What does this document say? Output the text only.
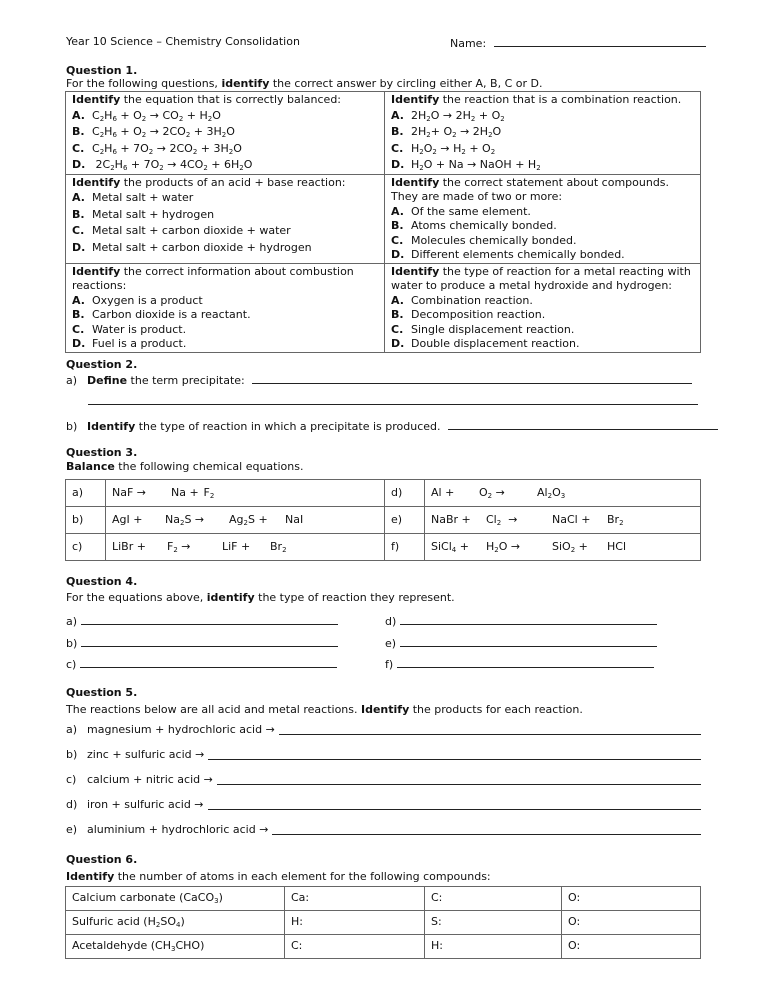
Year 10 Science – Chemistry Consolidation	Name:
Question 1.
For the following questions, identify the correct answer by circling either A, B, C or D.
Identify the equation that is correctly balanced:
A. $C_2H_6 + O_2 \to CO_2 + H_2O$
B. $C_2H_6 + O_2 \to 2CO_2 + 3H_2O$
C. $C_2H_6 + 7O_2 \to 2CO_2 + 3H_2O$
D. $2C_2H_6 + 7O_2 \to 4CO_2 + 6H_2O$

Identify the reaction that is a combination reaction.
A. $2H_2O \to 2H_2 + O_2$
B. $2H_2+ O_2 \to 2H_2O$
C. $H_2O_2 \to H_2 + O_2$
D. $H_2O + Na$ → NaOH + $H_2$

Identify the products of an acid + base reaction:
A. Metal salt + water
B. Metal salt + hydrogen
C. Metal salt + carbon dioxide + water
D. Metal salt + carbon dioxide + hydrogen

Identify the correct statement about compounds. They are made of two or more:
A. Of the same element.
B. Atoms chemically bonded.
C. Molecules chemically bonded.
D. Different elements chemically bonded.

Identify the correct information about combustion reactions:
A. Oxygen is a product
B. Carbon dioxide is a reactant.
C. Water is product.
D. Fuel is a product.

Identify the type of reaction for a metal reacting with water to produce a metal hydroxide and hydrogen:
A. Combination reaction.
B. Decomposition reaction.
C. Single displacement reaction.
D. Double displacement reaction.
Question 2.
a) Define the term precipitate:
b) Identify the type of reaction in which a precipitate is produced.
Question 3.
Balance the following chemical equations.
a)	NaF → $Na + F_2$	d)	$Al + O_2 \to Al_2O_3$
b)	AgI + $Na_2S \to Ag_2S$ + NaI	e)	NaBr + $Cl_2$  → NaCl + $Br_2$
c)	LiBr + $F_2$ → LiF + $Br_2$	f)	SiCl$_4$ + $H_2O \to SiO_2$ + HCl
Question 4.
For the equations above, identify the type of reaction they represent.
a)
b)
c)
d)
e)
f)
Question 5.
The reactions below are all acid and metal reactions. Identify the products for each reaction.
a) magnesium + hydrochloric acid →
b) zinc + sulfuric acid →
c) calcium + nitric acid →
d) iron + sulfuric acid →
e) aluminium + hydrochloric acid →
Question 6.
Identify the number of atoms in each element for the following compounds:
Calcium carbonate (CaCO$_3$)	Ca:	C:	O:
Sulfuric acid $(H_2SO_4)$	H:	S:	O:
Acetaldehyde $(CH_3CHO)$	C:	H:	O:
